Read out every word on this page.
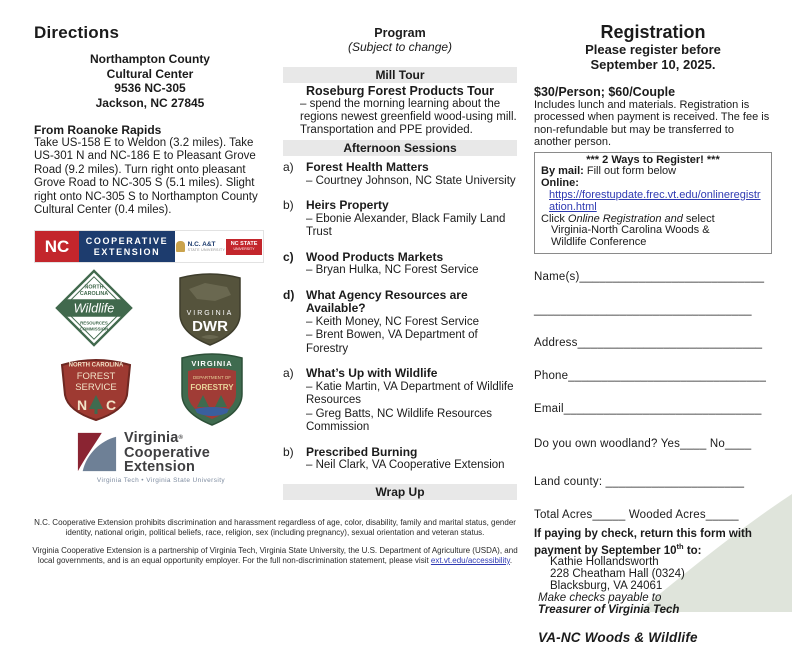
Directions
Northampton County
Cultural Center
9536 NC-305
Jackson, NC 27845
From Roanoke Rapids
Take US-158 E to Weldon (3.2 miles). Take US-301 N and NC-186 E to Pleasant Grove Road (9.2 miles). Turn right onto pleasant Grove Road to NC-305 S (5.1 miles). Slight right onto NC-305 S to Northampton County Cultural Center (0.4 miles).
NC	COOPERATIVE
EXTENSION
N.C. A&T
STATE UNIVERSITY
NC STATE
UNIVERSITY
NORTH
CAROLINA
Wildlife
RESOURCES
COMMISSION
VIRGINIA
DWR
NORTH CAROLINA
FOREST
SERVICE
N C
VIRGINIA
DEPARTMENT OF
FORESTRY
Virginia®
Cooperative
Extension
Virginia Tech • Virginia State University

N.C. Cooperative Extension prohibits discrimination and harassment regardless of age, color, disability, family and marital status, gender identity, national origin, political beliefs, race, religion, sex (including pregnancy), sexual orientation and veteran status.

Virginia Cooperative Extension is a partnership of Virginia Tech, Virginia State University, the U.S. Department of Agriculture (USDA), and local governments, and is an equal opportunity employer. For the full non-discrimination statement, please visit ext.vt.edu/accessibility.

Program
(Subject to change)
Mill Tour
Roseburg Forest Products Tour
– spend the morning learning about the regions newest greenfield wood-using mill. Transportation and PPE provided.
Afternoon Sessions
a)	Forest Health Matters
– Courtney Johnson, NC State University
b)	Heirs Property
– Ebonie Alexander, Black Family Land Trust
c)	Wood Products Markets
– Bryan Hulka, NC Forest Service
d) What Agency Resources are Available?
– Keith Money, NC Forest Service
– Brent Bowen, VA Department of Forestry
a)	What’s Up with Wildlife
– Katie Martin, VA Department of Wildlife Resources
– Greg Batts, NC Wildlife Resources Commission
b)	Prescribed Burning
– Neil Clark, VA Cooperative Extension
Wrap Up
Registration
Please register before
September 10, 2025.
$30/Person; $60/Couple
Includes lunch and materials. Registration is processed when payment is received. The fee is non-refundable but may be transferred to another person.
*** 2 Ways to Register! ***
By mail: Fill out form below
Online:
https://forestupdate.frec.vt.edu/onlineregistration.html
Click Online Registration and select
Virginia-North Carolina Woods &
Wildlife Conference
Name(s)____________________________
_________________________________
Address____________________________
Phone______________________________
Email______________________________
Do you own woodland? Yes____ No____
Land county: _____________________
Total Acres_____ Wooded Acres_____
If paying by check, return this form with payment by September 10th to:
Kathie Hollandsworth
228 Cheatham Hall (0324)
Blacksburg, VA 24061
Make checks payable to
Treasurer of Virginia Tech
VA-NC Woods & Wildlife
